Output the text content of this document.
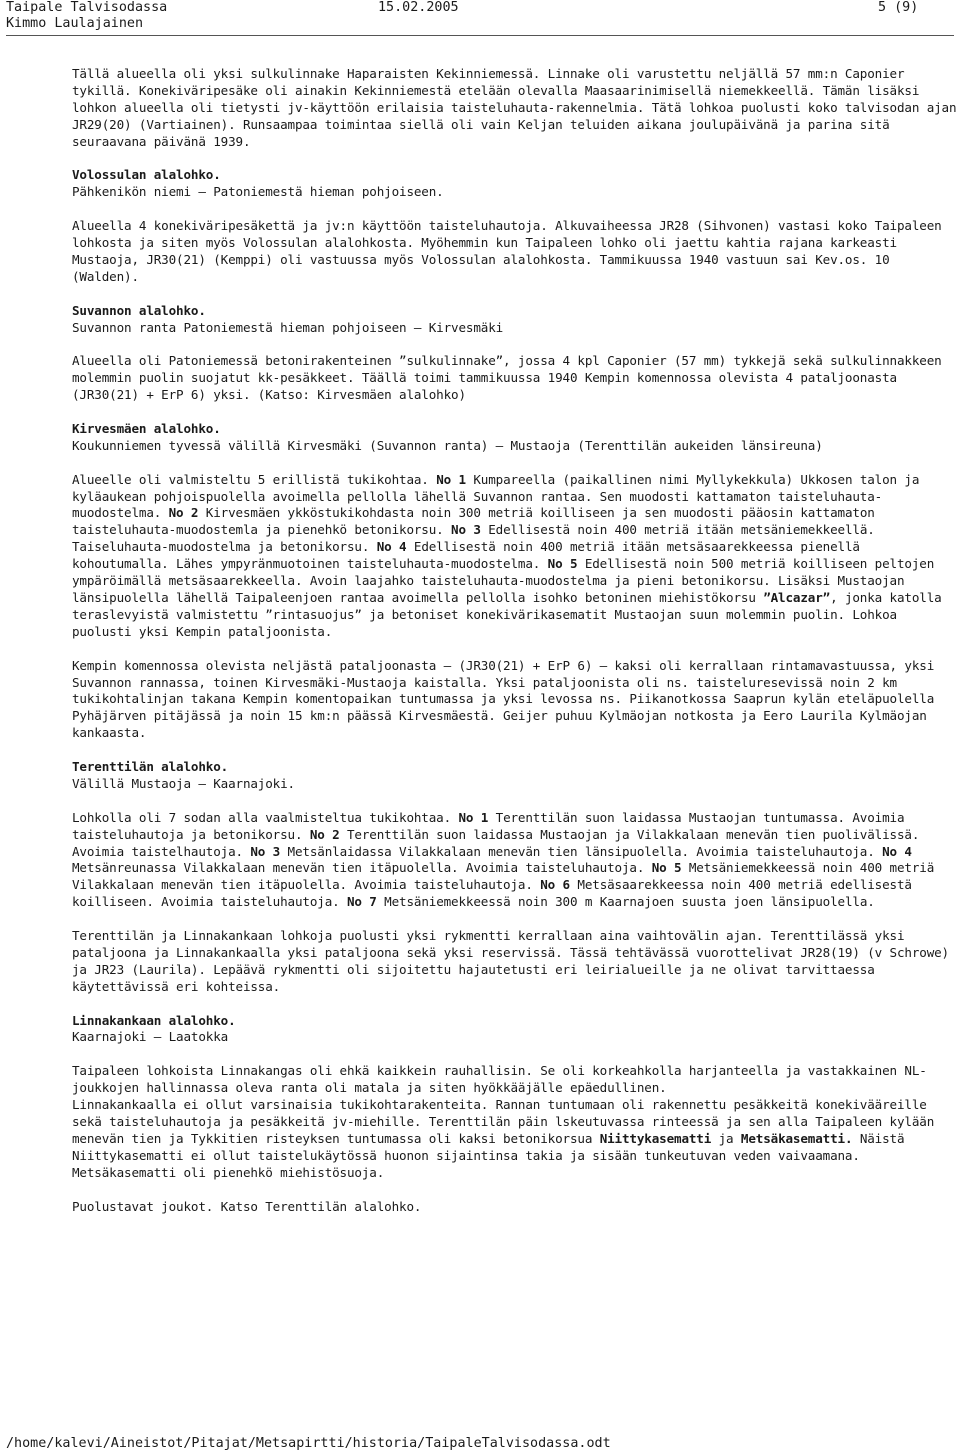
Taipale Talvisodassa	15.02.2005	5 (9)
Kimmo Laulajainen

Tällä alueella oli yksi sulkulinnake Haparaisten Kekinniemessä. Linnake oli varustettu neljällä 57 mm:n Caponier tykillä. Konekiväripesäke oli ainakin Kekinniemestä etelään olevalla Maasaarinimisellä niemekkeellä. Tämän lisäksi lohkon alueella oli tietysti jv-käyttöön erilaisia taisteluhauta-rakennelmia. Tätä lohkoa puolusti koko talvisodan ajan JR29(20) (Vartiainen). Runsaampaa toimintaa siellä oli vain Keljan teluiden aikana joulupäivänä ja parina sitä seuraavana päivänä 1939.

Volossulan alalohko.

Pähkenikön niemi – Patoniemestä hieman pohjoiseen.

Alueella 4 konekiväripesäkettä ja jv:n käyttöön taisteluhautoja. Alkuvaiheessa JR28 (Sihvonen) vastasi koko Taipaleen lohkosta ja siten myös Volossulan alalohkosta. Myöhemmin kun Taipaleen lohko oli jaettu kahtia rajana karkeasti Mustaoja, JR30(21) (Kemppi) oli vastuussa myös Volossulan alalohkosta. Tammikuussa 1940 vastuun sai Kev.os. 10 (Walden).

Suvannon alalohko.

Suvannon ranta Patoniemestä hieman pohjoiseen – Kirvesmäki

Alueella oli Patoniemessä betonirakenteinen ”sulkulinnake”, jossa 4 kpl Caponier (57 mm) tykkejä sekä sulkulinnakkeen molemmin puolin suojatut kk-pesäkkeet. Täällä toimi tammikuussa 1940 Kempin komennossa olevista 4 pataljoonasta (JR30(21) + ErP 6) yksi. (Katso: Kirvesmäen alalohko)

Kirvesmäen alalohko.

Koukunniemen tyvessä välillä Kirvesmäki (Suvannon ranta) – Mustaoja (Terenttilän aukeiden länsireuna)

Alueelle oli valmisteltu 5 erillistä tukikohtaa. No 1 Kumpareella (paikallinen nimi Myllykekkula) Ukkosen talon ja kyläaukean pohjoispuolella avoimella pellolla lähellä Suvannon rantaa. Sen muodosti kattamaton taisteluhauta-muodostelma. No 2 Kirvesmäen ykköstukikohdasta noin 300 metriä koilliseen ja sen muodosti pääosin kattamaton taisteluhauta-muodostemla ja pienehkö betonikorsu. No 3 Edellisestä noin 400 metriä itään metsäniemekkeellä. Taiseluhauta-muodostelma ja betonikorsu. No 4 Edellisestä noin 400 metriä itään metsäsaarekkeessa pienellä kohoutumalla. Lähes ympyränmuotoinen taisteluhauta-muodostelma. No 5 Edellisestä noin 500 metriä koilliseen peltojen ympäröimällä metsäsaarekkeella. Avoin laajahko taisteluhauta-muodostelma ja pieni betonikorsu. Lisäksi Mustaojan länsipuolella lähellä Taipaleenjoen rantaa avoimella pellolla isohko betoninen miehistökorsu ”Alcazar”, jonka katolla teraslevyistä valmistettu ”rintasuojus” ja betoniset konekivärikasematit Mustaojan suun molemmin puolin. Lohkoa puolusti yksi Kempin pataljoonista.

Kempin komennossa olevista neljästä pataljoonasta – (JR30(21) + ErP 6) – kaksi oli kerrallaan rintamavastuussa, yksi Suvannon rannassa, toinen Kirvesmäki-Mustaoja kaistalla. Yksi pataljoonista oli ns. taisteluresevissä noin 2 km tukikohtalinjan takana Kempin komentopaikan tuntumassa ja yksi levossa ns. Piikanotkossa Saaprun kylän eteläpuolella Pyhäjärven pitäjässä ja noin 15 km:n päässä Kirvesmäestä. Geijer puhuu Kylmäojan notkosta ja Eero Laurila Kylmäojan kankaasta.

Terenttilän alalohko.

Välillä Mustaoja – Kaarnajoki.

Lohkolla oli 7 sodan alla vaalmisteltua tukikohtaa. No 1 Terenttilän suon laidassa Mustaojan tuntumassa. Avoimia taisteluhautoja ja betonikorsu. No 2 Terenttilän suon laidassa Mustaojan ja Vilakkalaan menevän tien puolivälissä. Avoimia taistelhautoja. No 3 Metsänlaidassa Vilakkalaan menevän tien länsipuolella. Avoimia taisteluhautoja. No 4 Metsänreunassa Vilakkalaan menevän tien itäpuolella. Avoimia taisteluhautoja. No 5 Metsäniemekkeessä noin 400 metriä Vilakkalaan menevän tien itäpuolella. Avoimia taisteluhautoja. No 6 Metsäsaarekkeessa noin 400 metriä edellisestä koilliseen. Avoimia taisteluhautoja. No 7 Metsäniemekkeessä noin 300 m Kaarnajoen suusta joen länsipuolella.

Terenttilän ja Linnakankaan lohkoja puolusti yksi rykmentti kerrallaan aina vaihtovälin ajan. Terenttilässä yksi pataljoona ja Linnakankaalla yksi pataljoona sekä yksi reservissä. Tässä tehtävässä vuorottelivat JR28(19) (v Schrowe) ja JR23 (Laurila). Lepäävä rykmentti oli sijoitettu hajautetusti eri leirialueille ja ne olivat tarvittaessa käytettävissä eri kohteissa.

Linnakankaan alalohko.

Kaarnajoki – Laatokka

Taipaleen lohkoista Linnakangas oli ehkä kaikkein rauhallisin. Se oli korkeahkolla harjanteella ja vastakkainen NL-joukkojen hallinnassa oleva ranta oli matala ja siten hyökkääjälle epäedullinen.

Linnakankaalla ei ollut varsinaisia tukikohtarakenteita. Rannan tuntumaan oli rakennettu pesäkkeitä konekivääreille sekä taisteluhautoja ja pesäkkeitä jv-miehille. Terenttilän päin lskeutuvassa rinteessä ja sen alla Taipaleen kylään menevän tien ja Tykkitien risteyksen tuntumassa oli kaksi betonikorsua Niittykasematti ja Metsäkasematti. Näistä Niittykasematti ei ollut taistelukäytössä huonon sijaintinsa takia ja sisään tunkeutuvan veden vaivaamana. Metsäkasematti oli pienehkö miehistösuoja.

Puolustavat joukot. Katso Terenttilän alalohko.

/home/kalevi/Aineistot/Pitajat/Metsapirtti/historia/TaipaleTalvisodassa.odt
